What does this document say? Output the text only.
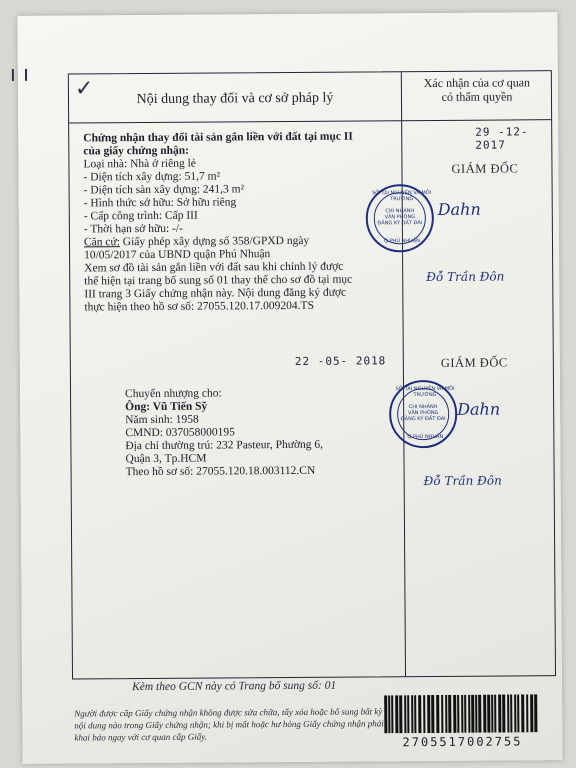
ı ı
✓	Nội dung thay đổi và cơ sở pháp lý
Xác nhận của cơ quan
có thẩm quyền
Chứng nhận thay đổi tài sản gắn liền với đất tại mục II
của giấy chứng nhận:
Loại nhà: Nhà ở riêng lẻ
- Diện tích xây dựng: 51,7 m²
- Diện tích sàn xây dựng: 241,3 m²
- Hình thức sở hữu: Sở hữu riêng
- Cấp công trình: Cấp III
- Thời hạn sở hữu: -/-
Căn cứ: Giấy phép xây dựng số 358/GPXD ngày
10/05/2017 của UBND quận Phú Nhuận
Xem sơ đồ tài sản gắn liền với đất sau khi chỉnh lý được
thể hiện tại trang bổ sung số 01 thay thế cho sơ đồ tại mục
III trang 3 Giấy chứng nhận này. Nội dung đăng ký được
thực hiện theo hồ sơ số: 27055.120.17.009204.TS
29 -12- 2017
GIÁM ĐỐC
SỞ TÀI NGUYÊN VÀ MÔI TRƯỜNG
CHI NHÁNH
VĂN PHÒNG
ĐĂNG KÝ ĐẤT ĐAI
Q.PHÚ NHUẬN
Dahn
Đỗ Trần Đôn
22 -05- 2018
Chuyển nhượng cho:
Ông: Vũ Tiến Sỹ
Năm sinh: 1958
CMND: 037058000195
Địa chỉ thường trú: 232 Pasteur, Phường 6,
Quận 3, Tp.HCM
Theo hồ sơ số: 27055.120.18.003112.CN
GIÁM ĐỐC
SỞ TÀI NGUYÊN VÀ MÔI TRƯỜNG
CHI NHÁNH
VĂN PHÒNG
ĐĂNG KÝ ĐẤT ĐAI
Q.PHÚ NHUẬN
Dahn
Đỗ Trần Đôn
Kèm theo GCN này có Trang bổ sung số: 01
Người được cấp Giấy chứng nhận không được sửa chữa, tẩy xóa hoặc bổ sung bất kỳ nội dung nào trong Giấy chứng nhận; khi bị mất hoặc hư hỏng Giấy chứng nhận phải khai báo ngay với cơ quan cấp Giấy.	2705517002755
